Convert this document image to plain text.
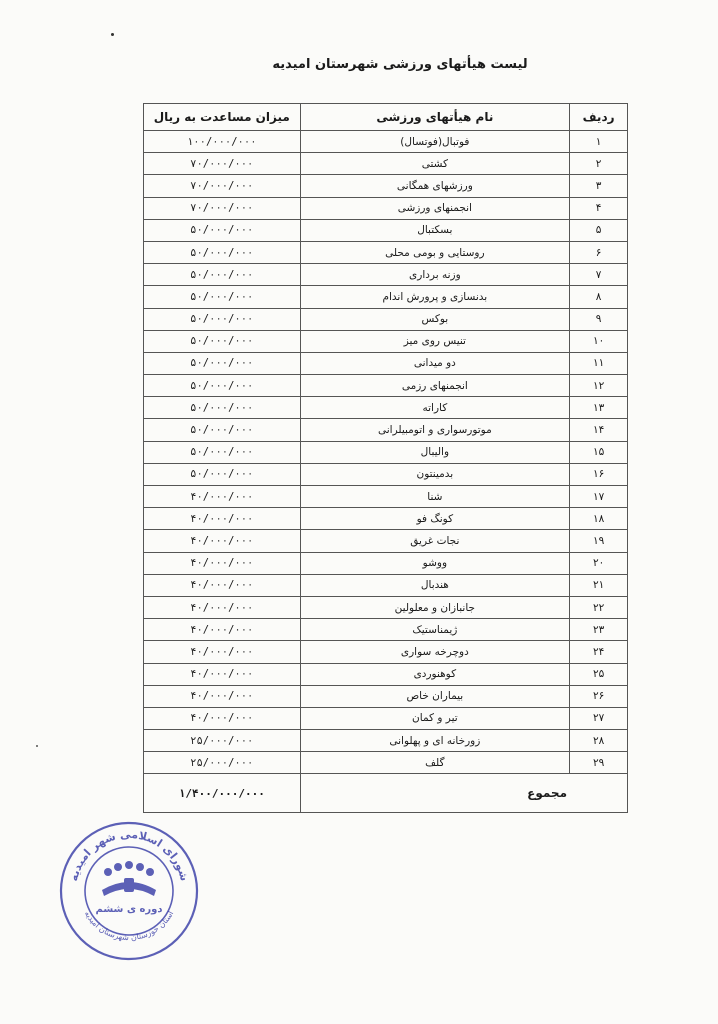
لیست هیأتهای ورزشی شهرستان امیدیه
ردیف	نام هیأتهای ورزشی	میزان مساعدت به ریال
۱	فوتبال(فوتسال)	۱۰۰/۰۰۰/۰۰۰
۲	کشتی	۷۰/۰۰۰/۰۰۰
۳	ورزشهای همگانی	۷۰/۰۰۰/۰۰۰
۴	انجمنهای ورزشی	۷۰/۰۰۰/۰۰۰
۵	بسکتبال	۵۰/۰۰۰/۰۰۰
۶	روستایی و بومی محلی	۵۰/۰۰۰/۰۰۰
۷	وزنه برداری	۵۰/۰۰۰/۰۰۰
۸	بدنسازی و پرورش اندام	۵۰/۰۰۰/۰۰۰
۹	بوکس	۵۰/۰۰۰/۰۰۰
۱۰	تنیس روی میز	۵۰/۰۰۰/۰۰۰
۱۱	دو میدانی	۵۰/۰۰۰/۰۰۰
۱۲	انجمنهای رزمی	۵۰/۰۰۰/۰۰۰
۱۳	کاراته	۵۰/۰۰۰/۰۰۰
۱۴	موتورسواری و اتومبیلرانی	۵۰/۰۰۰/۰۰۰
۱۵	والیبال	۵۰/۰۰۰/۰۰۰
۱۶	بدمینتون	۵۰/۰۰۰/۰۰۰
۱۷	شنا	۴۰/۰۰۰/۰۰۰
۱۸	کونگ فو	۴۰/۰۰۰/۰۰۰
۱۹	نجات غریق	۴۰/۰۰۰/۰۰۰
۲۰	ووشو	۴۰/۰۰۰/۰۰۰
۲۱	هندبال	۴۰/۰۰۰/۰۰۰
۲۲	جانبازان و معلولین	۴۰/۰۰۰/۰۰۰
۲۳	ژیمناستیک	۴۰/۰۰۰/۰۰۰
۲۴	دوچرخه سواری	۴۰/۰۰۰/۰۰۰
۲۵	کوهنوردی	۴۰/۰۰۰/۰۰۰
۲۶	بیماران خاص	۴۰/۰۰۰/۰۰۰
۲۷	تیر و کمان	۴۰/۰۰۰/۰۰۰
۲۸	زورخانه ای و پهلوانی	۲۵/۰۰۰/۰۰۰
۲۹	گلف	۲۵/۰۰۰/۰۰۰
مجموع		۱/۴۰۰/۰۰۰/۰۰۰
شورای اسلامی شهر امیدیه
استان خوزستان شهرستان امیدیه
دوره ی ششم
